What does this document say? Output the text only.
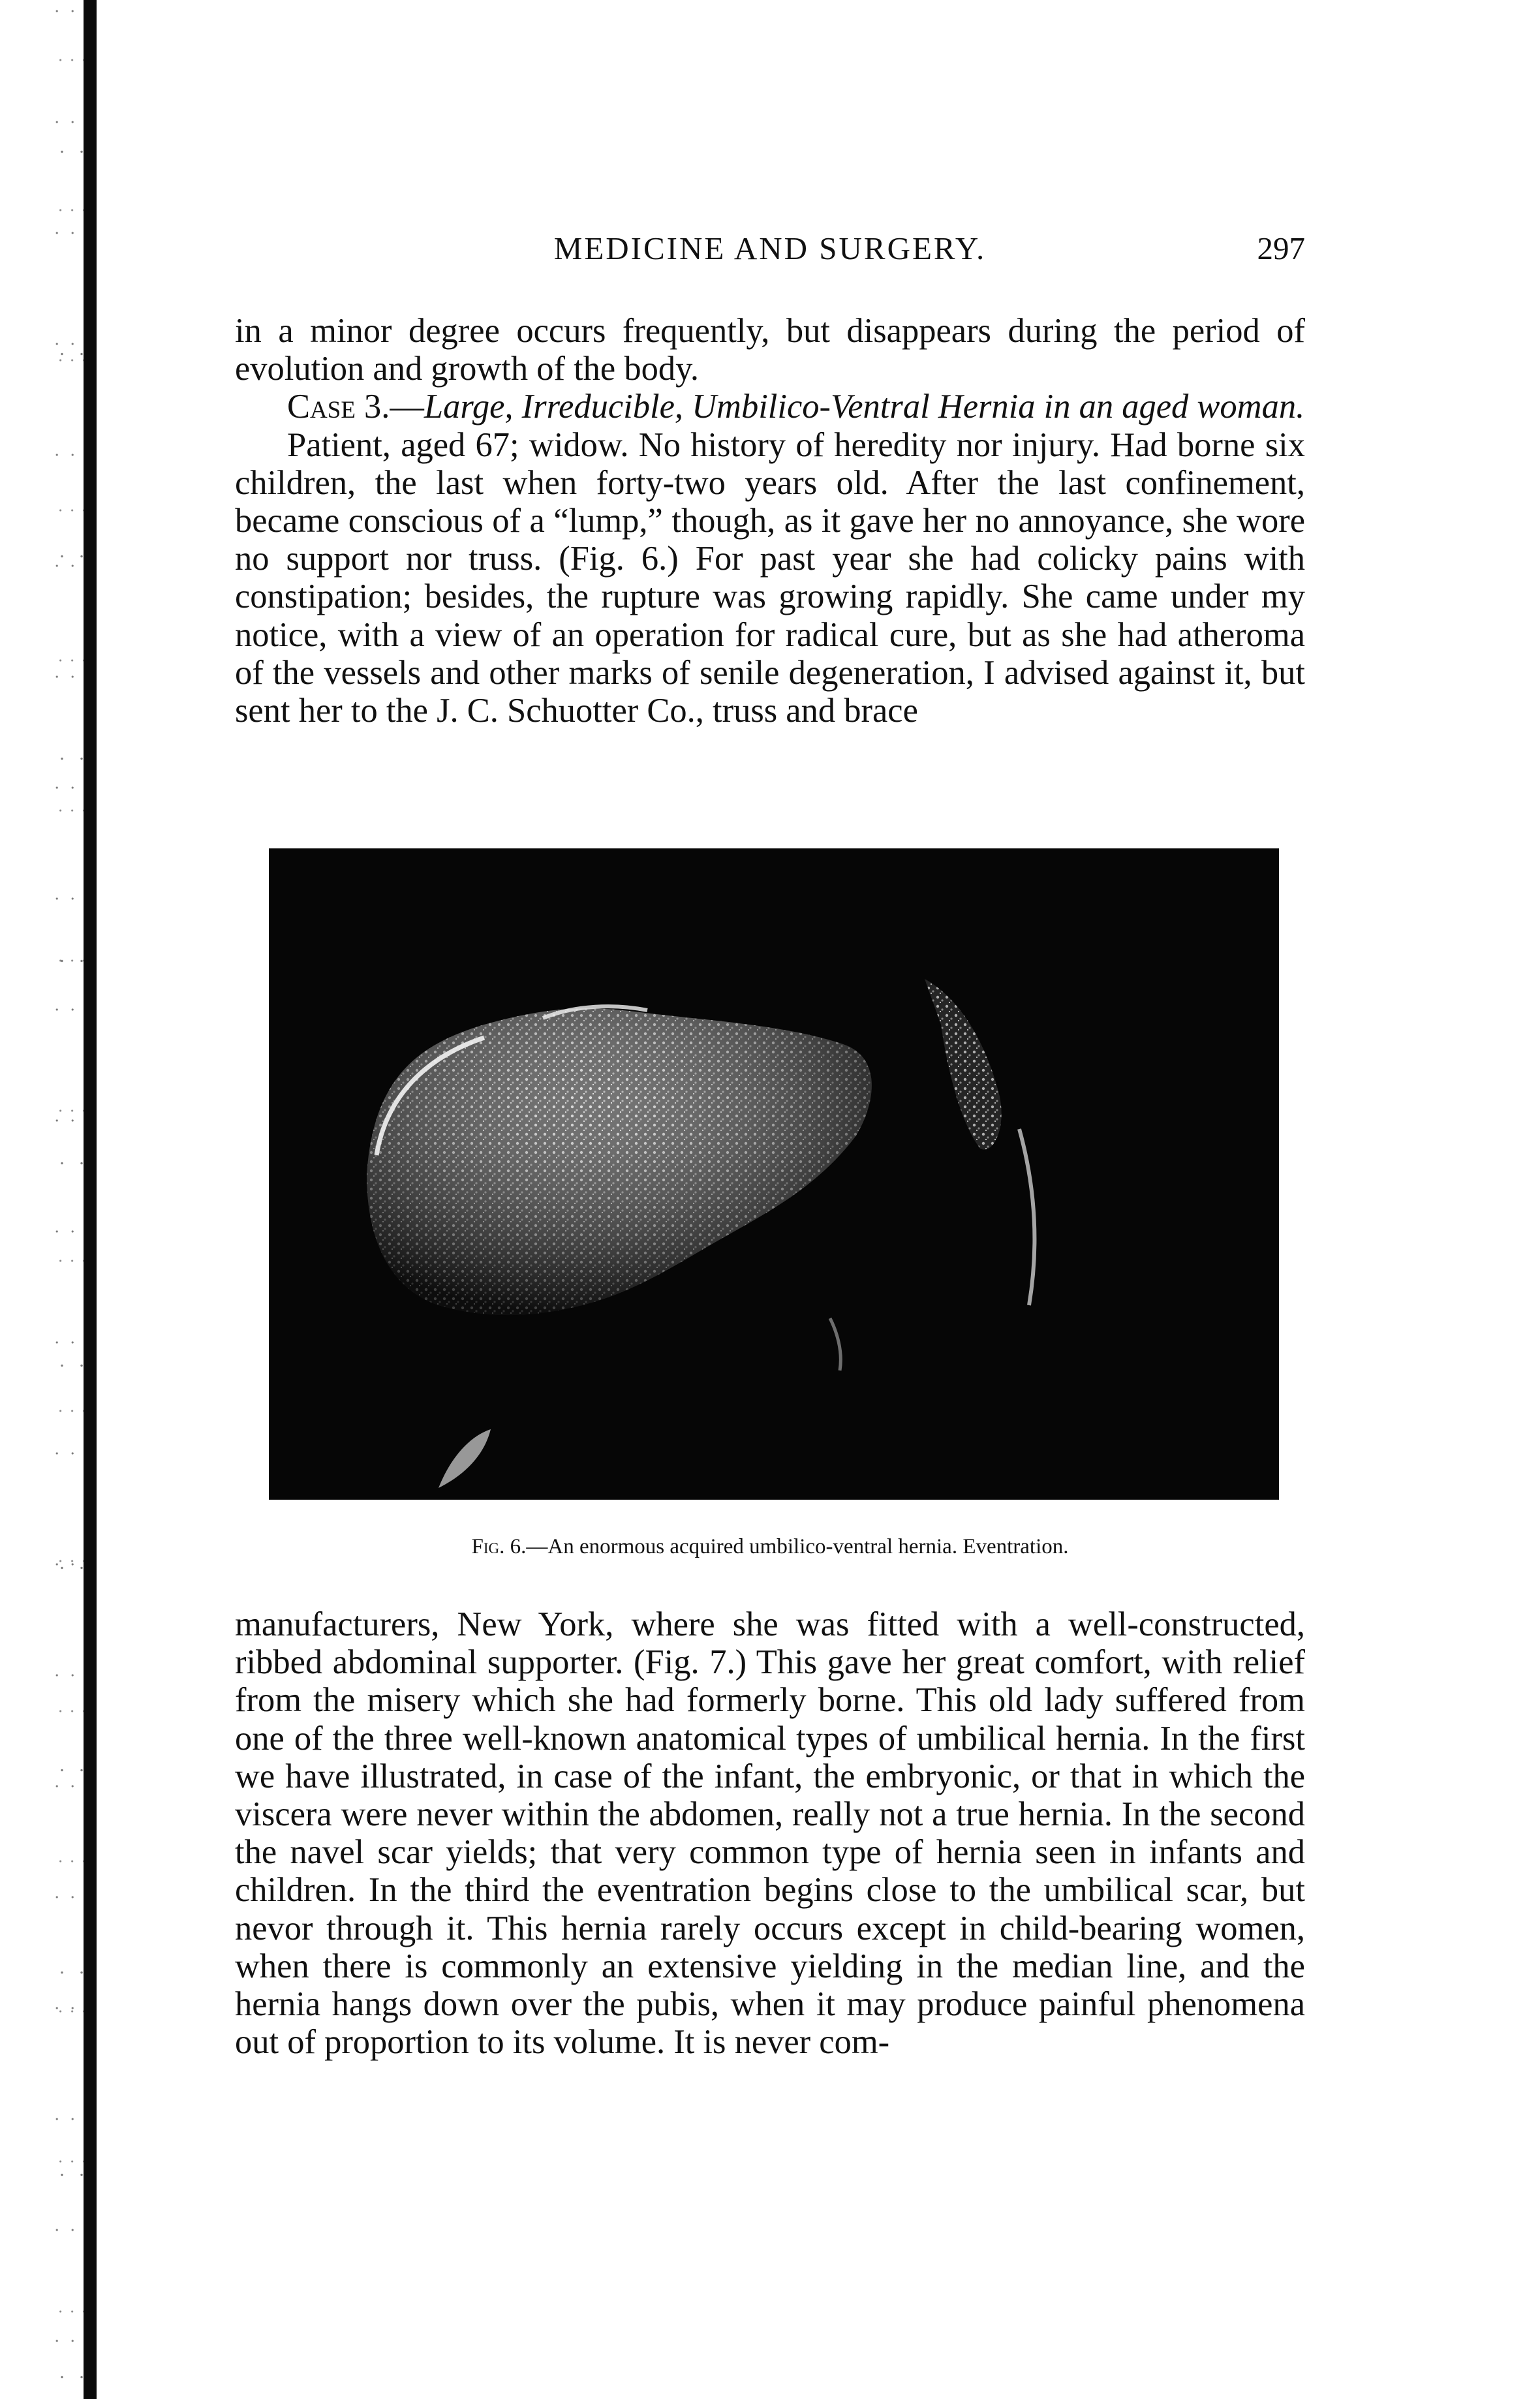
MEDICINE AND SURGERY.	297

in a minor degree occurs frequently, but disappears during the period of evolution and growth of the body.

Case 3.—Large, Irreducible, Umbilico-Ventral Hernia in an aged woman.

Patient, aged 67; widow. No history of heredity nor injury. Had borne six children, the last when forty-two years old. After the last confinement, became conscious of a “lump,” though, as it gave her no annoyance, she wore no support nor truss. (Fig. 6.) For past year she had colicky pains with constipation; besides, the rupture was growing rapidly. She came under my notice, with a view of an operation for radical cure, but as she had atheroma of the vessels and other marks of senile degeneration, I advised against it, but sent her to the J. C. Schuotter Co., truss and brace

Fig. 6.—An enormous acquired umbilico-ventral hernia. Eventration.

manufacturers, New York, where she was fitted with a well-constructed, ribbed abdominal supporter. (Fig. 7.) This gave her great comfort, with relief from the misery which she had formerly borne. This old lady suffered from one of the three well-known anatomical types of umbilical hernia. In the first we have illustrated, in case of the infant, the embryonic, or that in which the viscera were never within the abdomen, really not a true hernia. In the second the navel scar yields; that very common type of hernia seen in infants and children. In the third the eventration begins close to the umbilical scar, but nevor through it. This hernia rarely occurs except in child-bearing women, when there is commonly an extensive yielding in the median line, and the hernia hangs down over the pubis, when it may produce painful phenomena out of proportion to its volume. It is never com-
